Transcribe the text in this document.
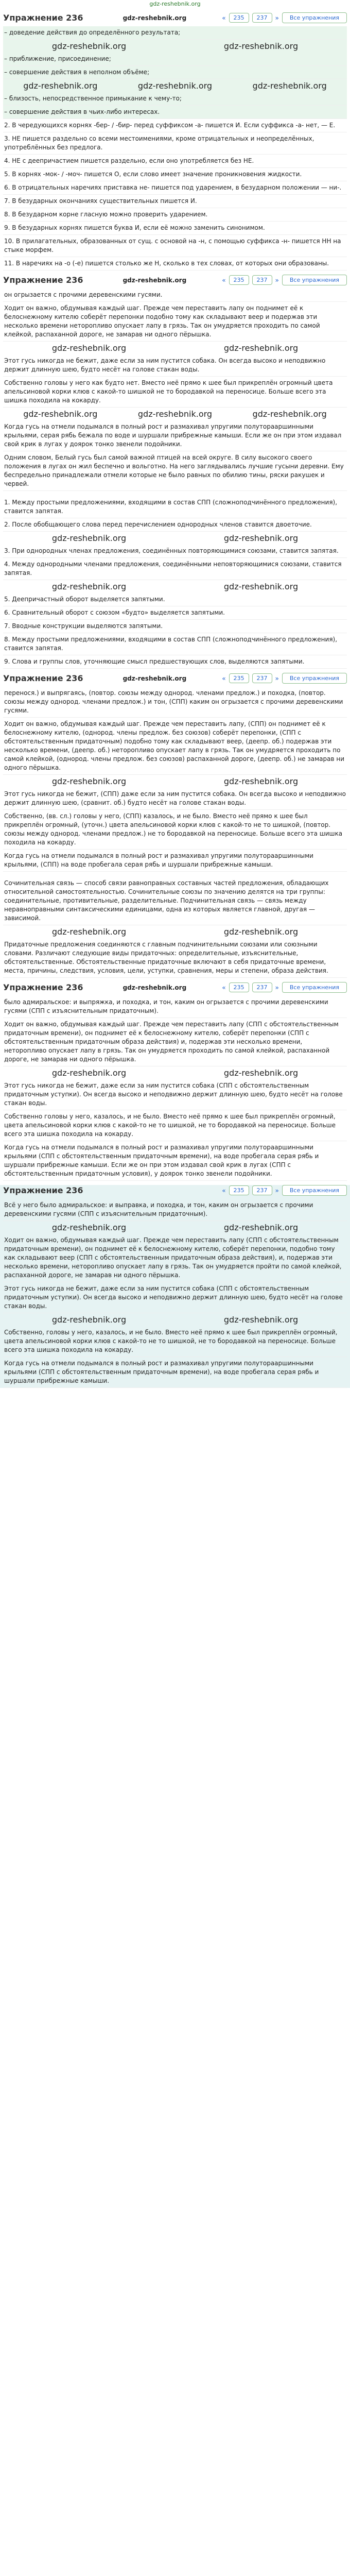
gdz-reshebnik.org
Упражнение 236	gdz-reshebnik.org	«	235	237	»	Все упражнения

– доведение действия до определённого результата;

gdz-reshebnik.org	gdz-reshebnik.org

– приближение, присоединение;

– совершение действия в неполном объёме;

gdz-reshebnik.org	gdz-reshebnik.org	gdz-reshebnik.org

– близость, непосредственное примыкание к чему-то;

– совершение действия в чьих-либо интересах.

2. В чередующихся корнях -бер- / -бир- перед суффиксом -а- пишется И. Если суффикса -а- нет, — Е.

3. НЕ пишется раздельно со всеми местоимениями, кроме отрицательных и неопределённых, употреблённых без предлога.

4. НЕ с деепричастием пишется раздельно, если оно употребляется без НЕ.

5. В корнях -мок- / -моч- пишется О, если слово имеет значение проникновения жидкости.

6. В отрицательных наречиях приставка не- пишется под ударением, в безударном положении — ни-.

7. В безударных окончаниях существительных пишется И.

8. В безударном корне гласную можно проверить ударением.

9. В безударных корнях пишется буква И, если её можно заменить синонимом.

10. В прилагательных, образованных от сущ. с основой на -н, с помощью суффикса -н- пишется НН на стыке морфем.

11. В наречиях на -о (-е) пишется столько же Н, сколько в тех словах, от которых они образованы.

Упражнение 236	gdz-reshebnik.org	«	235	237	»	Все упражнения

он огрызается с прочими деревенскими гусями.

Ходит он важно, обдумывая каждый шаг. Прежде чем переставить лапу он поднимет её к белоснежному кителю соберёт перепонки подобно тому как складывают веер и подержав эти несколько времени неторопливо опускает лапу в грязь. Так он умудряется проходить по самой клейкой, распаханной дороге, не замарав ни одного пёрышка.

gdz-reshebnik.org	gdz-reshebnik.org

Этот гусь никогда не бежит, даже если за ним пустится собака. Он всегда высоко и неподвижно держит длинную шею, будто несёт на голове стакан воды.

Собственно головы у него как будто нет. Вместо неё прямо к шее был прикреплён огромный цвета апельсиновой корки клюв с какой-то шишкой не то бородавкой на переносице. Больше всего эта шишка походила на кокарду.

gdz-reshebnik.org	gdz-reshebnik.org	gdz-reshebnik.org

Когда гусь на отмели подымался в полный рост и размахивал упругими полуторааршинными крыльями, серая рябь бежала по воде и шуршали прибрежные камыши. Если же он при этом издавал свой крик в лугах у доярок тонко звенели подойники.

Одним словом, Белый гусь был самой важной птицей на всей округе. В силу высокого своего положения в лугах он жил беспечно и вольготно. На него заглядывались лучшие гусыни деревни. Ему беспредельно принадлежали отмели которые не было равных по обилию тины, ряски ракушек и червей.

1. Между простыми предложениями, входящими в состав СПП (сложноподчинённого предложения), ставится запятая.

2. После обобщающего слова перед перечислением однородных членов ставится двоеточие.

gdz-reshebnik.org	gdz-reshebnik.org

3. При однородных членах предложения, соединённых повторяющимися союзами, ставится запятая.

4. Между однородными членами предложения, соединёнными неповторяющимися союзами, ставится запятая.

gdz-reshebnik.org	gdz-reshebnik.org

5. Деепричастный оборот выделяется запятыми.

6. Сравнительный оборот с союзом «будто» выделяется запятыми.

7. Вводные конструкции выделяются запятыми.

8. Между простыми предложениями, входящими в состав СПП (сложноподчинённого предложения), ставится запятая.

9. Слова и группы слов, уточняющие смысл предшествующих слов, выделяются запятыми.

Упражнение 236	gdz-reshebnik.org	«	235	237	»	Все упражнения

перенося.) и выпрягаясь, (повтор. союзы между однород. членами предлож.) и походка, (повтор. союзы между однород. членами предлож.) и тон, (СПП) каким он огрызается с прочими деревенскими гусями.

Ходит он важно, обдумывая каждый шаг. Прежде чем переставить лапу, (СПП) он поднимет её к белоснежному кителю, (однород. члены предлож. без союзов) соберёт перепонки, (СПП с обстоятельственным придаточным) подобно тому как складывают веер, (деепр. об.) подержав эти несколько времени, (деепр. об.) неторопливо опускает лапу в грязь. Так он умудряется проходить по самой клейкой, (однород. члены предлож. без союзов) распаханной дороге, (деепр. об.) не замарав ни одного пёрышка.

gdz-reshebnik.org	gdz-reshebnik.org

Этот гусь никогда не бежит, (СПП) даже если за ним пустится собака. Он всегда высоко и неподвижно держит длинную шею, (сравнит. об.) будто несёт на голове стакан воды.

Собственно, (вв. сл.) головы у него, (СПП) казалось, и не было. Вместо неё прямо к шее был прикреплён огромный, (уточн.) цвета апельсиновой корки клюв с какой-то не то шишкой, (повтор. союзы между однород. членами предлож.) не то бородавкой на переносице. Больше всего эта шишка походила на кокарду.

Когда гусь на отмели подымался в полный рост и размахивал упругими полуторааршинными крыльями, (СПП) на воде пробегала серая рябь и шуршали прибрежные камыши.

Сочинительная связь — способ связи равноправных составных частей предложения, обладающих относительной самостоятельностью. Сочинительные союзы по значению делятся на три группы: соединительные, противительные, разделительные. Подчинительная связь — связь между неравноправными синтаксическими единицами, одна из которых является главной, другая — зависимой.

gdz-reshebnik.org	gdz-reshebnik.org

Придаточные предложения соединяются с главным подчинительными союзами или союзными словами. Различают следующие виды придаточных: определительные, изъяснительные, обстоятельственные. Обстоятельственные придаточные включают в себя придаточные времени, места, причины, следствия, условия, цели, уступки, сравнения, меры и степени, образа действия.

Упражнение 236	gdz-reshebnik.org	«	235	237	»	Все упражнения

было адмиральское: и выпряжка, и походка, и тон, каким он огрызается с прочими деревенскими гусями (СПП с изъяснительным придаточным).

Ходит он важно, обдумывая каждый шаг. Прежде чем переставить лапу (СПП с обстоятельственным придаточным времени), он поднимет её к белоснежному кителю, соберёт перепонки (СПП с обстоятельственным придаточным образа действия) и, подержав эти несколько времени, неторопливо опускает лапу в грязь. Так он умудряется проходить по самой клейкой, распаханной дороге, не замарав ни одного пёрышка.

gdz-reshebnik.org	gdz-reshebnik.org

Этот гусь никогда не бежит, даже если за ним пустится собака (СПП с обстоятельственным придаточным уступки). Он всегда высоко и неподвижно держит длинную шею, будто несёт на голове стакан воды.

Собственно головы у него, казалось, и не было. Вместо неё прямо к шее был прикреплён огромный, цвета апельсиновой корки клюв с какой-то не то шишкой, не то бородавкой на переносице. Больше всего эта шишка походила на кокарду.

Когда гусь на отмели подымался в полный рост и размахивал упругими полуторааршинными крыльями (СПП с обстоятельственным придаточным времени), на воде пробегала серая рябь и шуршали прибрежные камыши. Если же он при этом издавал свой крик в лугах (СПП с обстоятельственным придаточным условия), у доярок тонко звенели подойники.

Упражнение 236	«	235	237	»	Все упражнения

Всё у него было адмиральское: и выправка, и походка, и тон, каким он огрызается с прочими деревенскими гусями (СПП с изъяснительным придаточным).

gdz-reshebnik.org	gdz-reshebnik.org

Ходит он важно, обдумывая каждый шаг. Прежде чем переставить лапу (СПП с обстоятельственным придаточным времени), он поднимет её к белоснежному кителю, соберёт перепонки, подобно тому как складывают веер (СПП с обстоятельственным придаточным образа действия), и, подержав эти несколько времени, неторопливо опускает лапу в грязь. Так он умудряется пройти по самой клейкой, распаханной дороге, не замарав ни одного пёрышка.

Этот гусь никогда не бежит, даже если за ним пустится собака (СПП с обстоятельственным придаточным уступки). Он всегда высоко и неподвижно держит длинную шею, будто несёт на голове стакан воды.

gdz-reshebnik.org	gdz-reshebnik.org

Собственно, головы у него, казалось, и не было. Вместо неё прямо к шее был прикреплён огромный, цвета апельсиновой корки клюв с какой-то не то шишкой, не то бородавкой на переносице. Больше всего эта шишка походила на кокарду.

Когда гусь на отмели подымался в полный рост и размахивал упругими полуторааршинными крыльями (СПП с обстоятельственным придаточным времени), на воде пробегала серая рябь и шуршали прибрежные камыши.
